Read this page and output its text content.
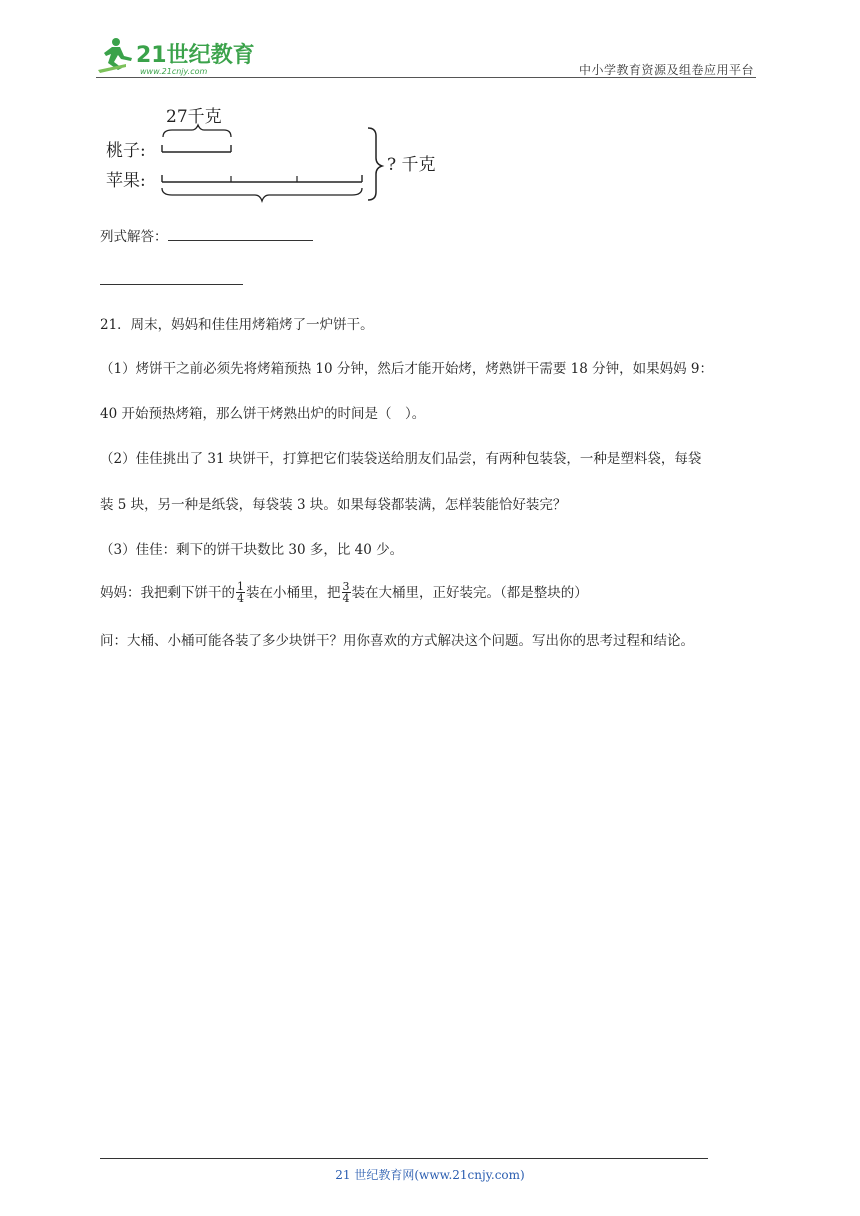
21世纪教育
www.21cnjy.com	中小学教育资源及组卷应用平台
27千克
桃子:
苹果:
? 千克
列式解答：
21．周末，妈妈和佳佳用烤箱烤了一炉饼干。
（1）烤饼干之前必须先将烤箱预热 10 分钟，然后才能开始烤，烤熟饼干需要 18 分钟，如果妈妈 9：
40 开始预热烤箱，那么饼干烤熟出炉的时间是（　）。
（2）佳佳挑出了 31 块饼干，打算把它们装袋送给朋友们品尝，有两种包装袋，一种是塑料袋，每袋
装 5 块，另一种是纸袋，每袋装 3 块。如果每袋都装满，怎样装能恰好装完？
（3）佳佳：剩下的饼干块数比 30 多，比 40 少。
妈妈：我把剩下饼干的 $\frac{1}{4}$ 装在小桶里，把 $\frac{3}{4}$ 装在大桶里，正好装完。（都是整块的）
问：大桶、小桶可能各装了多少块饼干？用你喜欢的方式解决这个问题。写出你的思考过程和结论。
21 世纪教育网(www.21cnjy.com)
